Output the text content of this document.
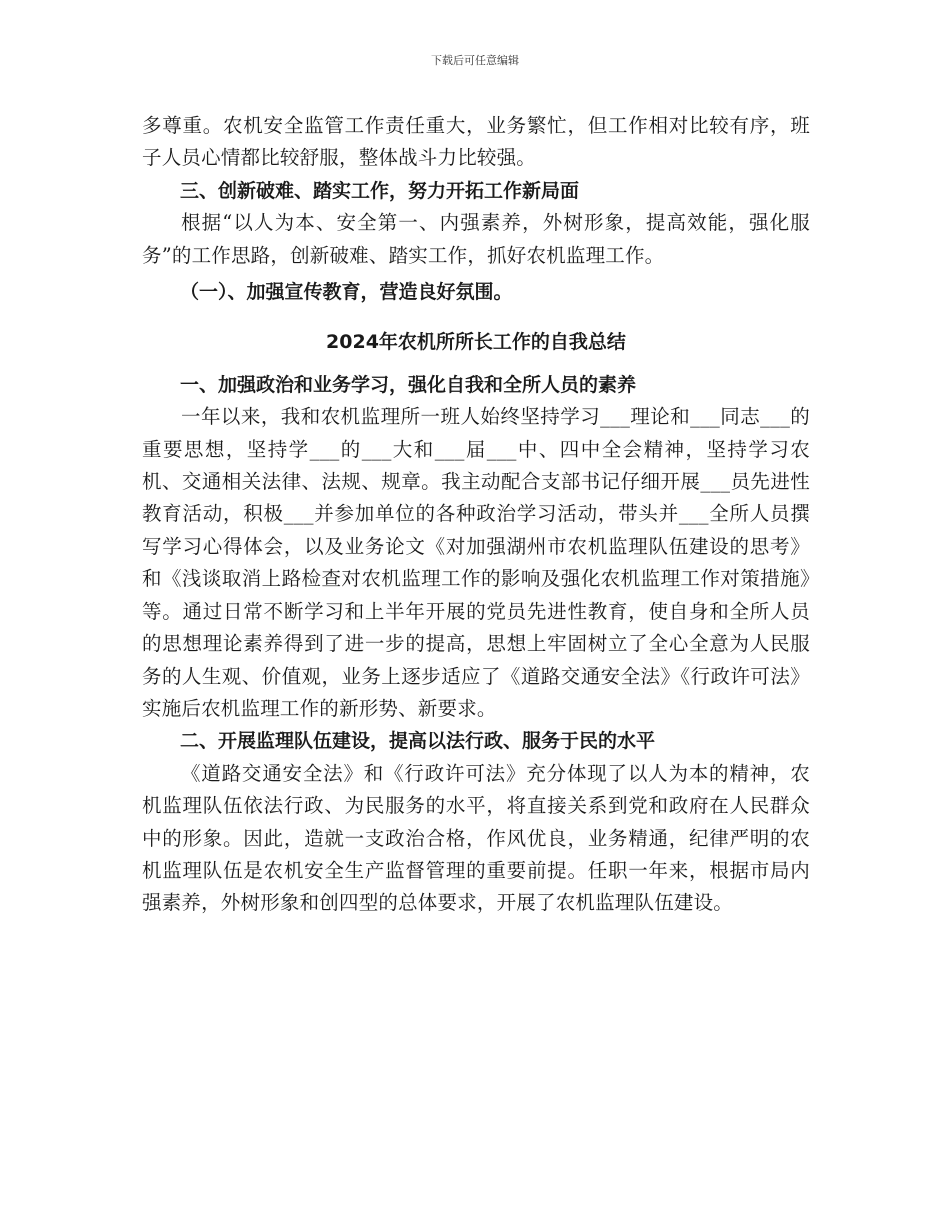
下载后可任意编辑

多尊重。农机安全监管工作责任重大，业务繁忙，但工作相对比较有序，班子人员心情都比较舒服，整体战斗力比较强。

三、创新破难、踏实工作，努力开拓工作新局面

根据“以人为本、安全第一、内强素养，外树形象，提高效能，强化服务”的工作思路，创新破难、踏实工作，抓好农机监理工作。

（一）、加强宣传教育，营造良好氛围。

2024年农机所所长工作的自我总结

一、加强政治和业务学习，强化自我和全所人员的素养

一年以来，我和农机监理所一班人始终坚持学习___理论和___同志___的重要思想，坚持学___的___大和___届___中、四中全会精神，坚持学习农机、交通相关法律、法规、规章。我主动配合支部书记仔细开展___员先进性教育活动，积极___并参加单位的各种政治学习活动，带头并___全所人员撰写学习心得体会，以及业务论文《对加强湖州市农机监理队伍建设的思考》和《浅谈取消上路检查对农机监理工作的影响及强化农机监理工作对策措施》等。通过日常不断学习和上半年开展的党员先进性教育，使自身和全所人员的思想理论素养得到了进一步的提高，思想上牢固树立了全心全意为人民服务的人生观、价值观，业务上逐步适应了《道路交通安全法》《行政许可法》实施后农机监理工作的新形势、新要求。

二、开展监理队伍建设，提高以法行政、服务于民的水平

《道路交通安全法》和《行政许可法》充分体现了以人为本的精神，农机监理队伍依法行政、为民服务的水平，将直接关系到党和政府在人民群众中的形象。因此，造就一支政治合格，作风优良，业务精通，纪律严明的农机监理队伍是农机安全生产监督管理的重要前提。任职一年来，根据市局内强素养，外树形象和创四型的总体要求，开展了农机监理队伍建设。
